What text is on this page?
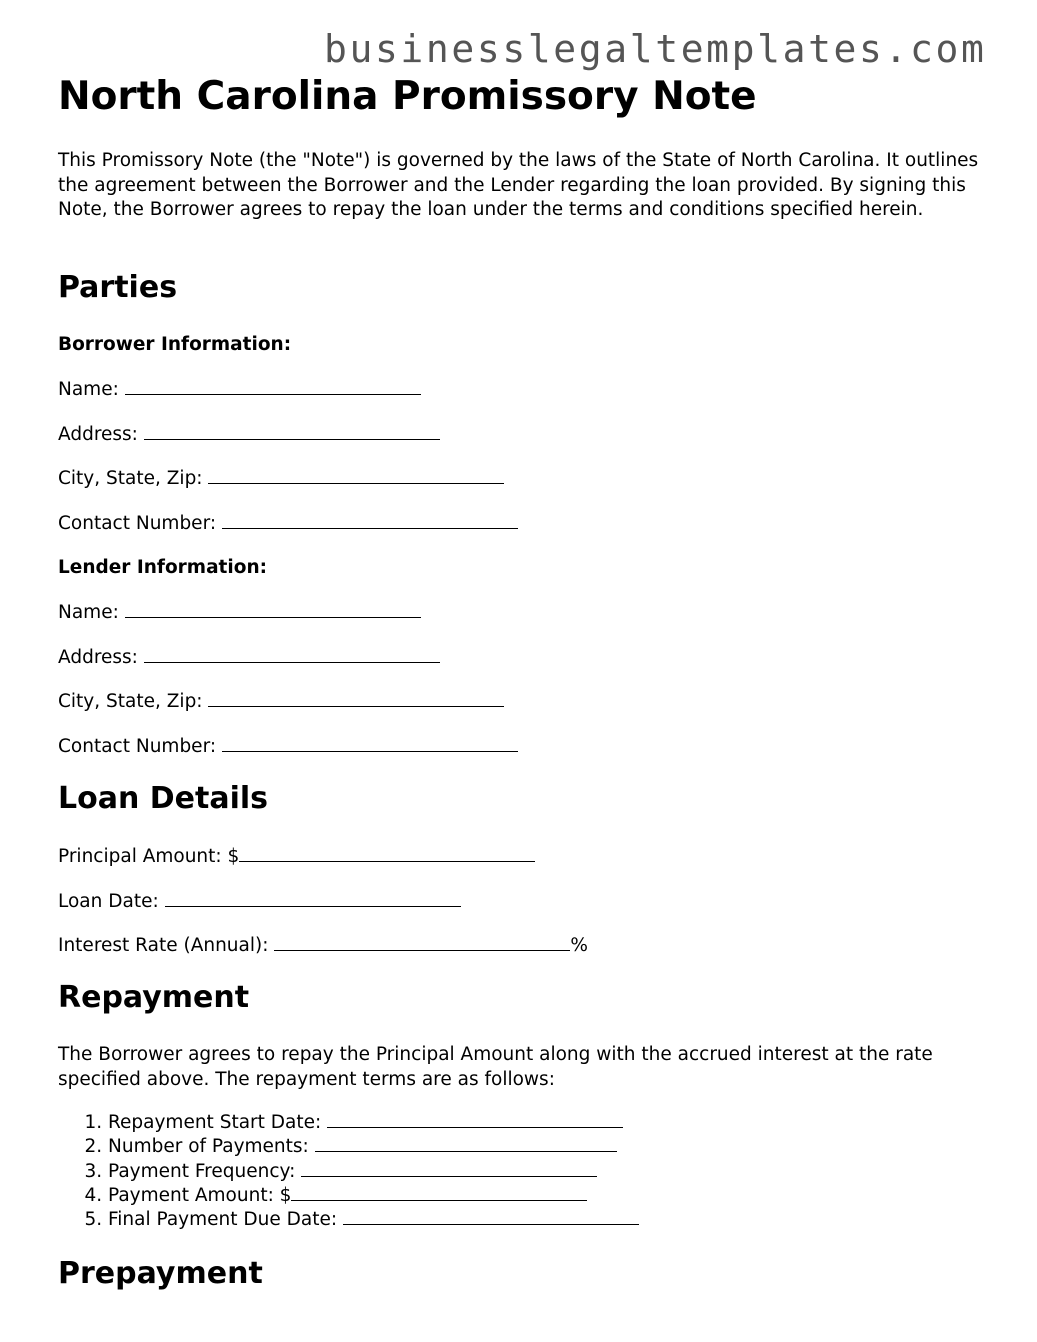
businesslegaltemplates.com
North Carolina Promissory Note

This Promissory Note (the "Note") is governed by the laws of the State of North Carolina. It outlines the agreement between the Borrower and the Lender regarding the loan provided. By signing this Note, the Borrower agrees to repay the loan under the terms and conditions specified herein.

Parties
Borrower Information:
Name:
Address:
City, State, Zip:
Contact Number:
Lender Information:
Name:
Address:
City, State, Zip:
Contact Number:
Loan Details
Principal Amount: $
Loan Date:
Interest Rate (Annual):	%
Repayment

The Borrower agrees to repay the Principal Amount along with the accrued interest at the rate specified above. The repayment terms are as follows:

1. Repayment Start Date:
2. Number of Payments:
3. Payment Frequency:
4. Payment Amount: $
5. Final Payment Due Date:
Prepayment
